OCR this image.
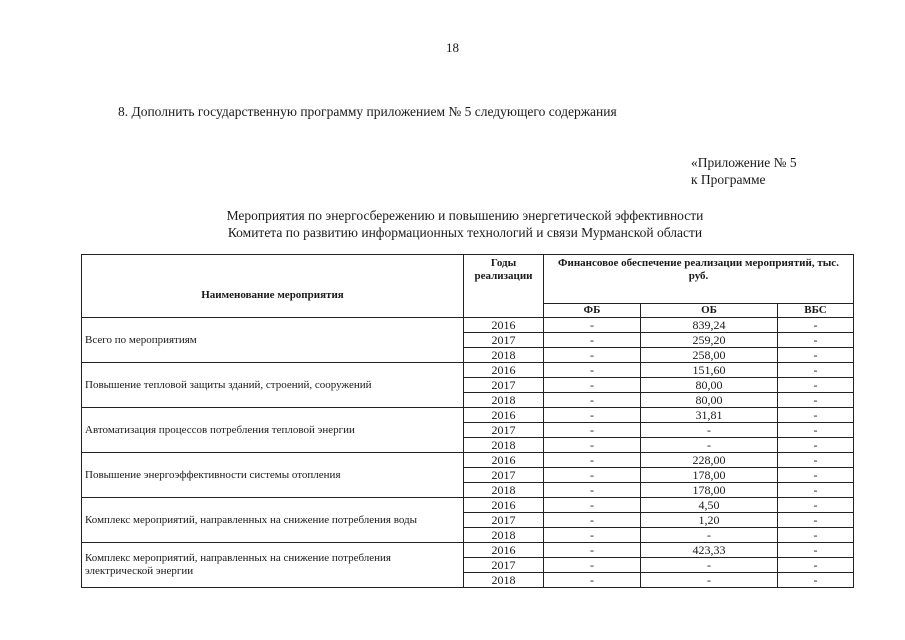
18
8. Дополнить государственную программу приложением № 5 следующего содержания
«Приложение № 5
к Программе
Мероприятия по энергосбережению и повышению энергетической эффективности
Комитета по развитию информационных технологий и связи Мурманской области
Наименование мероприятия	Годы реализации	Финансовое обеспечение реализации мероприятий, тыс. руб.		
		ФБ	ОБ	ВБС
Всего по мероприятиям	2016	-	839,24	-
	2017	-	259,20	-
	2018	-	258,00	-
Повышение тепловой защиты зданий, строений, сооружений	2016	-	151,60	-
	2017	-	80,00	-
	2018	-	80,00	-
Автоматизация процессов потребления тепловой энергии	2016	-	31,81	-
	2017	-	-	-
	2018	-	-	-
Повышение энергоэффективности системы отопления	2016	-	228,00	-
	2017	-	178,00	-
	2018	-	178,00	-
Комплекс мероприятий, направленных на снижение потребления воды	2016	-	4,50	-
	2017	-	1,20	-
	2018	-	-	-
Комплекс мероприятий, направленных на снижение потребления электрической энергии	2016	-	423,33	-
	2017	-	-	-
	2018	-	-	-
